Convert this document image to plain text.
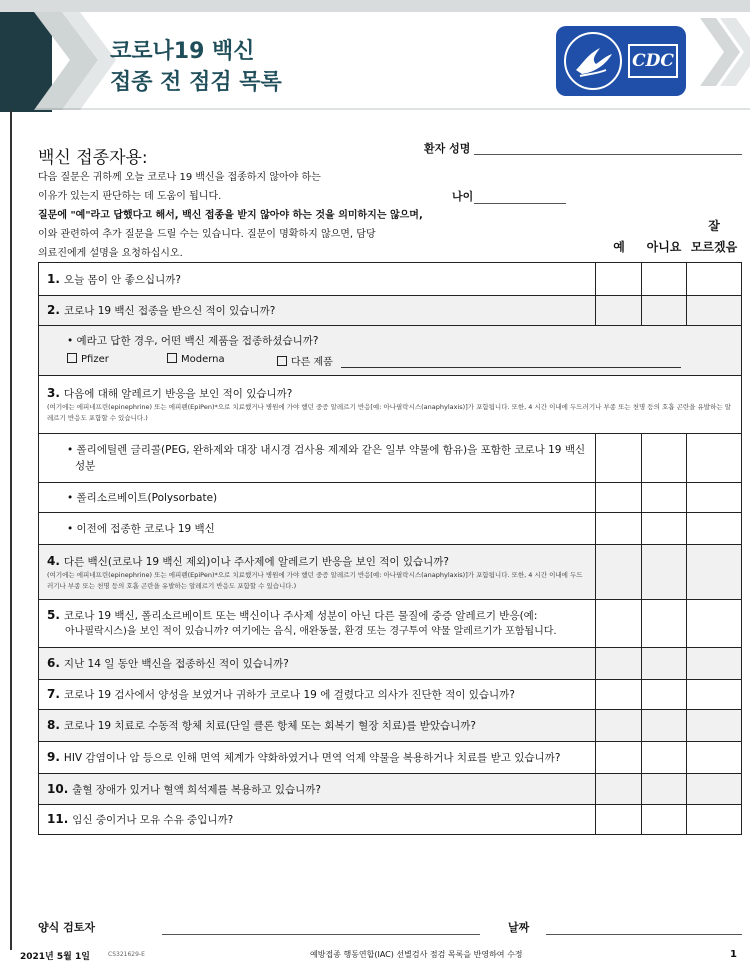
코로나19 백신
접종 전 점검 목록
CDC
백신 접종자용:
다음 질문은 귀하께 오늘 코로나 19 백신을 접종하지 않아야 하는
이유가 있는지 판단하는 데 도움이 됩니다.
질문에 "예"라고 답했다고 해서, 백신 접종을 받지 않아야 하는 것을 의미하지는 않으며,
이와 관련하여 추가 질문을 드릴 수는 있습니다. 질문이 명확하지 않으면, 담당
의료진에게 설명을 요청하십시오.
환자 성명
나이
예	아니요
잘
모르겠음
1. 오늘 몸이 안 좋으십니까?
2. 코로나 19 백신 접종을 받으신 적이 있습니까?
• 예라고 답한 경우, 어떤 백신 제품을 접종하셨습니까?
Pfizer	Moderna	다른 제품
3. 다음에 대해 알레르기 반응을 보인 적이 있습니까?
(여기에는 에피네프린(epinephrine) 또는 에피펜(EpiPen)*으로 치료했거나 병원에 가야 했던 중증 알레르기 반응[예: 아나필락시스(anaphylaxis)]가 포함됩니다. 또한, 4 시간 이내에 두드러기나 부종 또는 천명 등의 호흡 곤란을 유발하는 알레르기 반응도 포함할 수 있습니다.)
• 폴리에틸렌 글리콜(PEG, 완하제와 대장 내시경 검사용 제제와 같은 일부 약물에 함유)을 포함한 코로나 19 백신
성분
• 폴리소르베이트(Polysorbate)
• 이전에 접종한 코로나 19 백신
4. 다른 백신(코로나 19 백신 제외)이나 주사제에 알레르기 반응을 보인 적이 있습니까?
(여기에는 에피네프린(epinephrine) 또는 에피펜(EpiPen)*으로 치료했거나 병원에 가야 했던 중증 알레르기 반응[예: 아나필락시스(anaphylaxis)]가 포함됩니다. 또한, 4 시간 이내에 두드러기나 부종 또는 천명 등의 호흡 곤란을 유발하는 알레르기 반응도 포함할 수 있습니다.)
5. 코로나 19 백신, 폴리소르베이트 또는 백신이나 주사제 성분이 아닌 다른 물질에 중증 알레르기 반응(예:
아나필락시스)을 보인 적이 있습니까? 여기에는 음식, 애완동물, 환경 또는 경구투여 약물 알레르기가 포함됩니다.
6. 지난 14 일 동안 백신을 접종하신 적이 있습니까?
7. 코로나 19 검사에서 양성을 보였거나 귀하가 코로나 19 에 걸렸다고 의사가 진단한 적이 있습니까?
8. 코로나 19 치료로 수동적 항체 치료(단일 클론 항체 또는 회복기 혈장 치료)를 받았습니까?
9. HIV 감염이나 암 등으로 인해 면역 체계가 약화하였거나 면역 억제 약물을 복용하거나 치료를 받고 있습니까?
10. 출혈 장애가 있거나 혈액 희석제를 복용하고 있습니까?
11. 임신 중이거나 모유 수유 중입니까?
양식 검토자	날짜
2021년 5월 1일	CS321629-E	예방접종 행동연합(IAC) 선별검사 점검 목록을 반영하여 수정	1
